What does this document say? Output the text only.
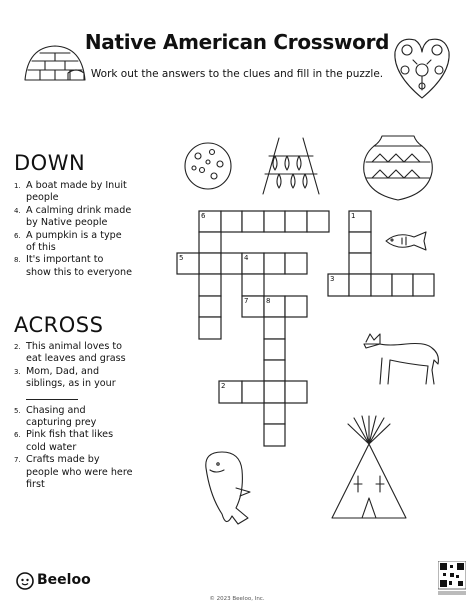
Native American Crossword
Work out the answers to the clues and fill in the puzzle.
DOWN
ACROSS
1. A boat made by Inuit
people
4. A calming drink made
by Native people
6. A pumpkin is a type
of this
8. It's important to
show this to everyone
2. This animal loves to
eat leaves and grass
3. Mom, Dad, and
siblings, as in your
5. Chasing and
capturing prey
6. Pink fish that likes
cold water
7. Crafts made by
people who were here
first
6	1
5	4
3
7	8
2
Beeloo
© 2023 Beeloo, Inc.
